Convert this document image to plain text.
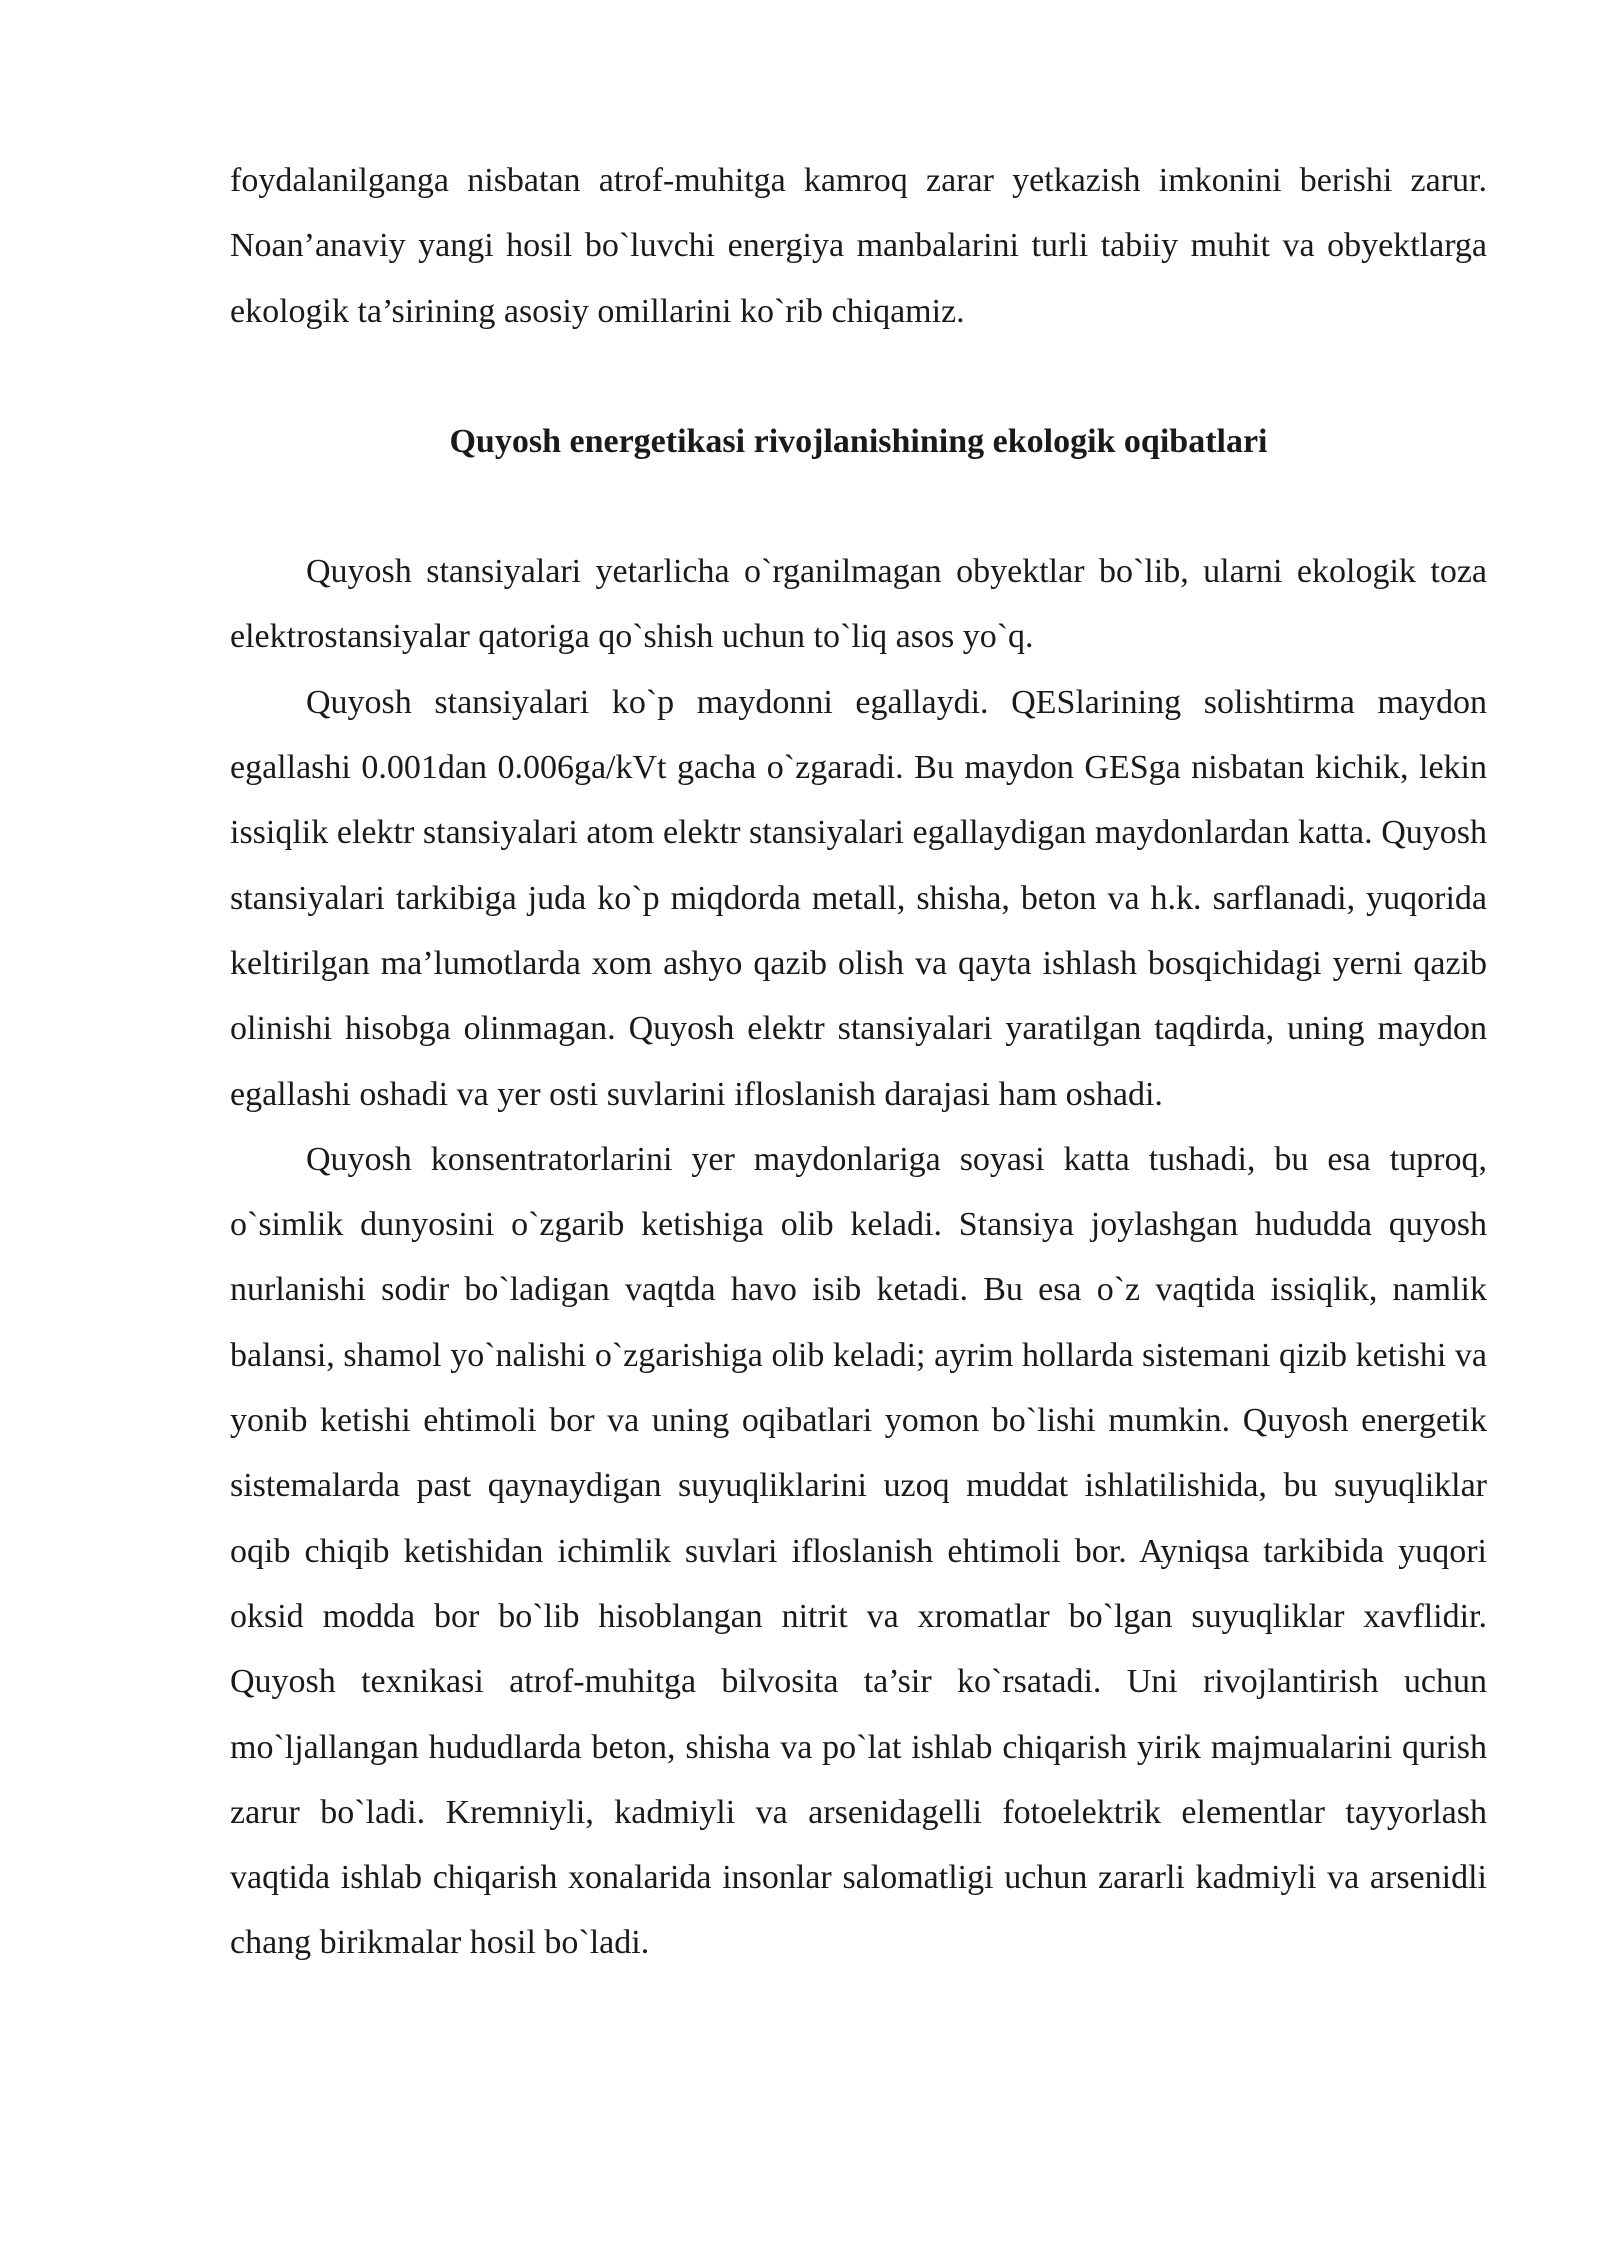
foydalanilganga nisbatan atrof-muhitga kamroq zarar yetkazish imkonini berishi zarur. Noan’anaviy yangi hosil bo`luvchi energiya manbalarini turli tabiiy muhit va obyektlarga ekologik ta’sirining asosiy omillarini ko`rib chiqamiz.

Quyosh energetikasi rivojlanishining ekologik oqibatlari

Quyosh stansiyalari yetarlicha o`rganilmagan obyektlar bo`lib, ularni ekologik toza elektrostansiyalar qatoriga qo`shish uchun to`liq asos yo`q.

Quyosh stansiyalari ko`p maydonni egallaydi. QESlarining solishtirma maydon egallashi 0.001dan 0.006ga/kVt gacha o`zgaradi. Bu maydon GESga nisbatan kichik, lekin issiqlik elektr stansiyalari atom elektr stansiyalari egallaydigan maydonlardan katta. Quyosh stansiyalari tarkibiga juda ko`p miqdorda metall, shisha, beton va h.k. sarflanadi, yuqorida keltirilgan ma’lumotlarda xom ashyo qazib olish va qayta ishlash bosqichidagi yerni qazib olinishi hisobga olinmagan. Quyosh elektr stansiyalari yaratilgan taqdirda, uning maydon egallashi oshadi va yer osti suvlarini ifloslanish darajasi ham oshadi.

Quyosh konsentratorlarini yer maydonlariga soyasi katta tushadi, bu esa tuproq, o`simlik dunyosini o`zgarib ketishiga olib keladi. Stansiya joylashgan hududda quyosh nurlanishi sodir bo`ladigan vaqtda havo isib ketadi. Bu esa o`z vaqtida issiqlik, namlik balansi, shamol yo`nalishi o`zgarishiga olib keladi; ayrim hollarda sistemani qizib ketishi va yonib ketishi ehtimoli bor va uning oqibatlari yomon bo`lishi mumkin. Quyosh energetik sistemalarda past qaynaydigan suyuqliklarini uzoq muddat ishlatilishida, bu suyuqliklar oqib chiqib ketishidan ichimlik suvlari ifloslanish ehtimoli bor. Ayniqsa tarkibida yuqori oksid modda bor bo`lib hisoblangan nitrit va xromatlar bo`lgan suyuqliklar xavflidir. Quyosh texnikasi atrof-muhitga bilvosita ta’sir ko`rsatadi. Uni rivojlantirish uchun mo`ljallangan hududlarda beton, shisha va po`lat ishlab chiqarish yirik majmualarini qurish zarur bo`ladi. Kremniyli, kadmiyli va arsenidagelli fotoelektrik elementlar tayyorlash vaqtida ishlab chiqarish xonalarida insonlar salomatligi uchun zararli kadmiyli va arsenidli chang birikmalar hosil bo`ladi.
